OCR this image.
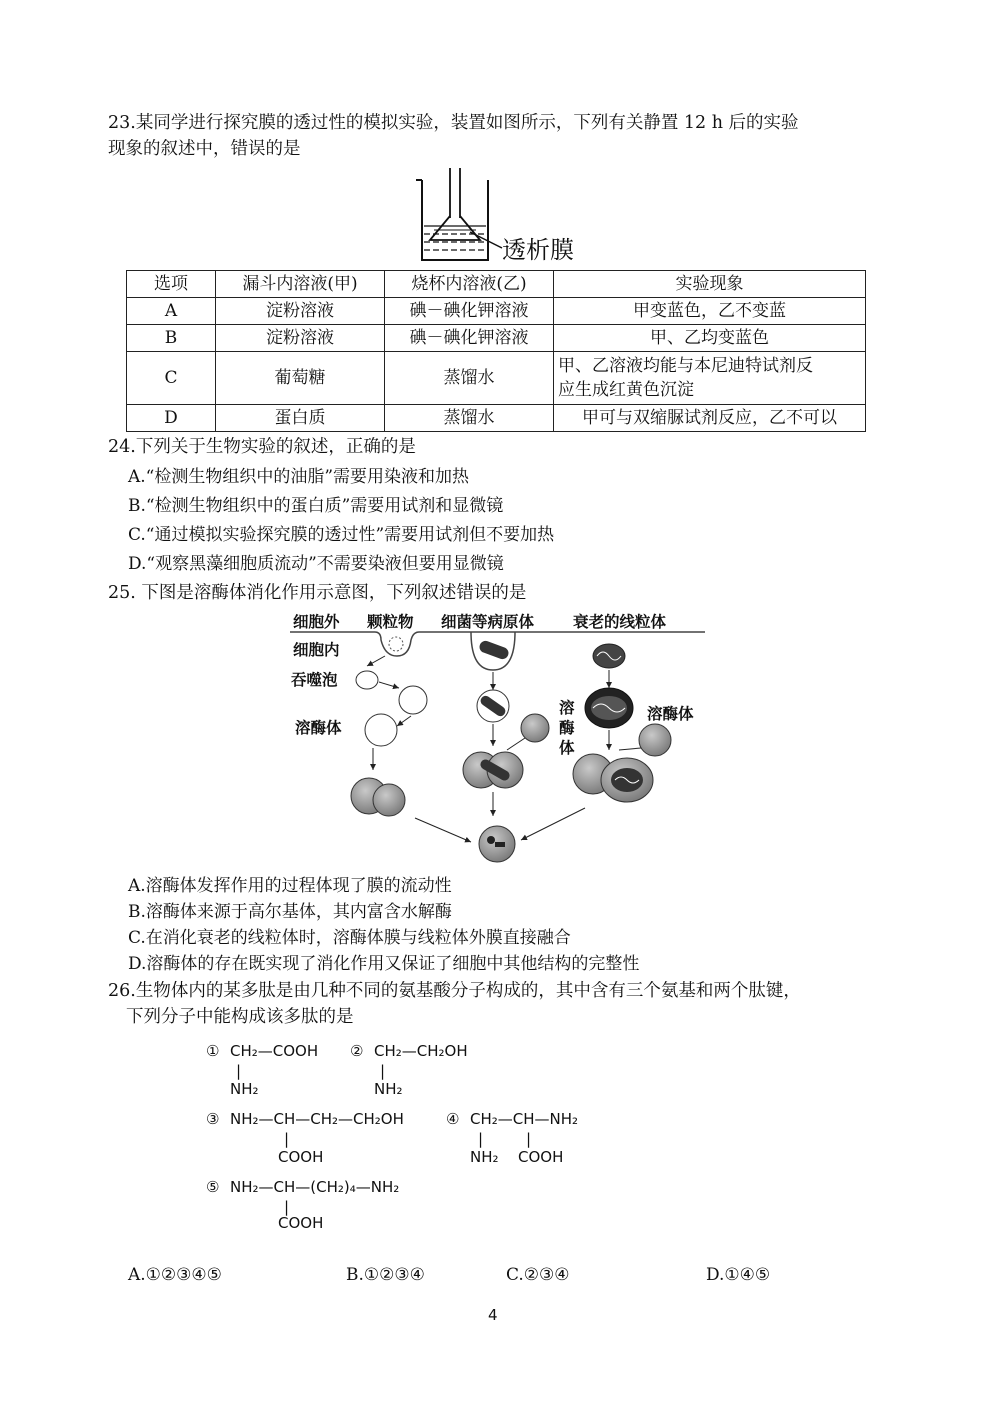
23.某同学进行探究膜的透过性的模拟实验，装置如图所示，下列有关静置 12 h 后的实验
现象的叙述中，错误的是
透析膜
选项	漏斗内溶液(甲)	烧杯内溶液(乙)	实验现象
A	淀粉溶液	碘－碘化钾溶液	甲变蓝色，乙不变蓝
B	淀粉溶液	碘－碘化钾溶液	甲、乙均变蓝色
C	葡萄糖	蒸馏水	甲、乙溶液均能与本尼迪特试剂反
应生成红黄色沉淀

D	蛋白质	蒸馏水	甲可与双缩脲试剂反应，乙不可以
24.下列关于生物实验的叙述，正确的是
A.“检测生物组织中的油脂”需要用染液和加热
B.“检测生物组织中的蛋白质”需要用试剂和显微镜
C.“通过模拟实验探究膜的透过性”需要用试剂但不要加热
D.“观察黑藻细胞质流动”不需要染液但要用显微镜
25. 下图是溶酶体消化作用示意图，下列叙述错误的是
细胞外 颗粒物 细菌等病原体	衰老的线粒体
细胞内
吞噬泡
溶酶体
溶
酶
体
溶酶体
A.溶酶体发挥作用的过程体现了膜的流动性
B.溶酶体来源于高尔基体，其内富含水解酶
C.在消化衰老的线粒体时，溶酶体膜与线粒体外膜直接融合
D.溶酶体的存在既实现了消化作用又保证了细胞中其他结构的完整性
26.生物体内的某多肽是由几种不同的氨基酸分子构成的，其中含有三个氨基和两个肽键，
下列分子中能构成该多肽的是
① CH₂—COOH
|
NH₂
② CH₂—CH₂OH
|
NH₂
③ NH₂—CH—CH₂—CH₂OH
|
COOH
④ CH₂—CH—NH₂
|	|
NH₂ COOH
⑤ NH₂—CH—(CH₂)₄—NH₂
|
COOH
A.①②③④⑤	B.①②③④	C.②③④	D.①④⑤
4
